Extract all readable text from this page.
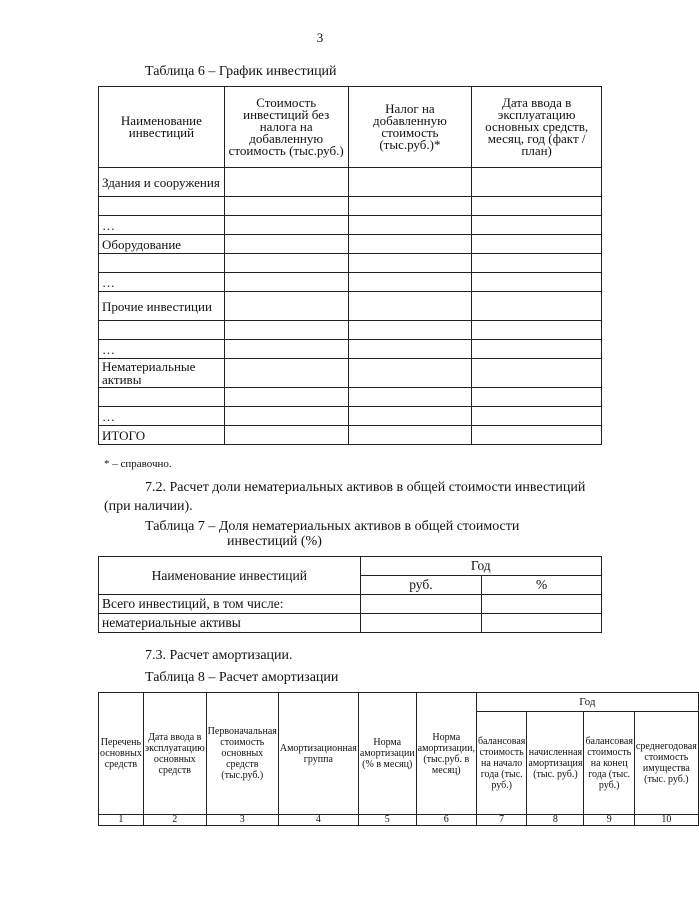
3
Таблица 6 – График инвестиций
Наименование инвестиций	Стоимость инвестиций без налога на добавленную стоимость (тыс.руб.)	Налог на добавленную стоимость (тыс.руб.)*	Дата ввода в эксплуатацию основных средств, месяц, год (факт / план)
Здания и сооружения			

…			
Оборудование			

…			
Прочие инвестиции			

…			
Нематериальные активы			

…			
ИТОГО			
* – справочно.
7.2. Расчет доли нематериальных активов в общей стоимости инвестиций
(при наличии).
Таблица 7 – Доля нематериальных активов в общей стоимости
инвестиций (%)
Наименование инвестиций	Год	
	руб.	%
Всего инвестиций, в том числе:		
нематериальные активы		
7.3. Расчет амортизации.
Таблица 8 – Расчет амортизации
Перечень основных средств	Дата ввода в эксплуатацию основных средств	Первоначальная стоимость основных средств (тыс.руб.)	Амортизационная группа	Норма амортизации (% в месяц)	Норма амортизации, (тыс.руб. в месяц)	Год			
						балансовая стоимость на начало года (тыс. руб.)	начисленная амортизация (тыс. руб.)	балансовая стоимость на конец года (тыс. руб.)	среднегодовая стоимость имущества (тыс. руб.)
1	2	3	4	5	6	7	8	9	10
